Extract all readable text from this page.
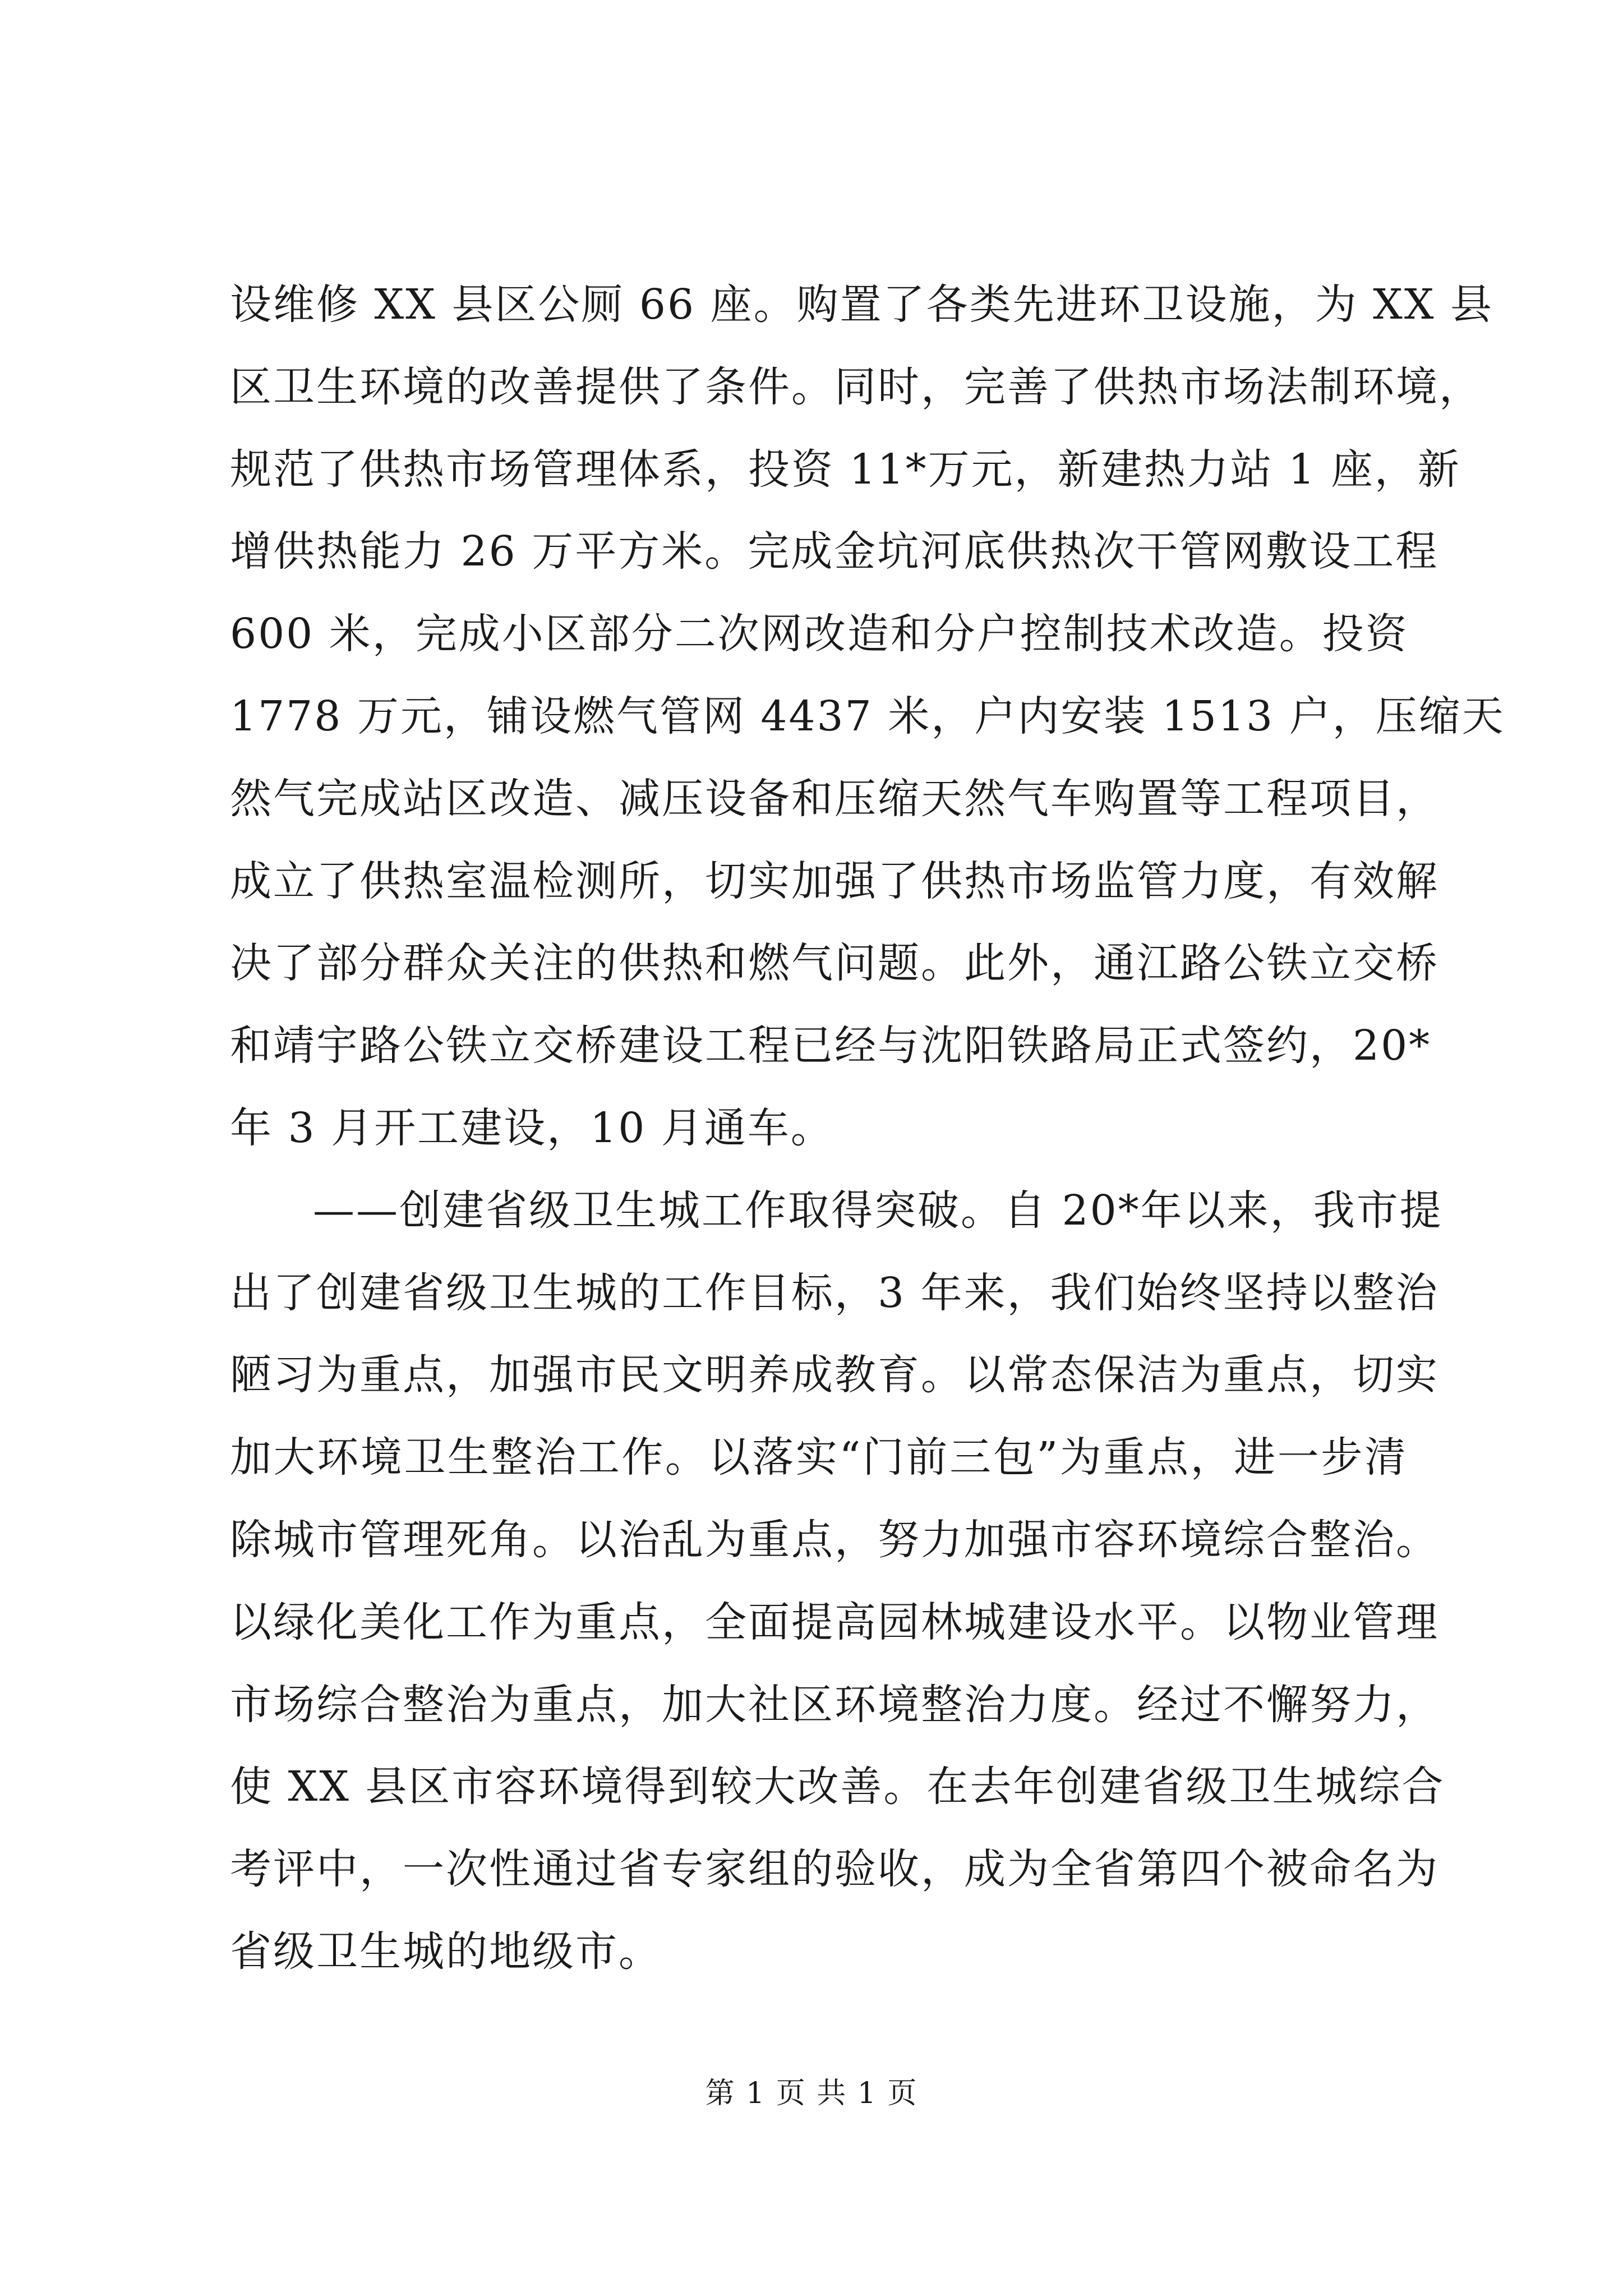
设维修 XX 县区公厕 66 座。购置了各类先进环卫设施，为 XX 县
区卫生环境的改善提供了条件。同时，完善了供热市场法制环境，
规范了供热市场管理体系，投资 11*万元，新建热力站 1 座，新
增供热能力 26 万平方米。完成金坑河底供热次干管网敷设工程
600 米，完成小区部分二次网改造和分户控制技术改造。投资
1778 万元，铺设燃气管网 4437 米，户内安装 1513 户，压缩天
然气完成站区改造、减压设备和压缩天然气车购置等工程项目，
成立了供热室温检测所，切实加强了供热市场监管力度，有效解
决了部分群众关注的供热和燃气问题。此外，通江路公铁立交桥
和靖宇路公铁立交桥建设工程已经与沈阳铁路局正式签约，20*
年 3 月开工建设，10 月通车。
——创建省级卫生城工作取得突破。自 20*年以来，我市提
出了创建省级卫生城的工作目标，3 年来，我们始终坚持以整治
陋习为重点，加强市民文明养成教育。以常态保洁为重点，切实
加大环境卫生整治工作。以落实“门前三包”为重点，进一步清
除城市管理死角。以治乱为重点，努力加强市容环境综合整治。
以绿化美化工作为重点，全面提高园林城建设水平。以物业管理
市场综合整治为重点，加大社区环境整治力度。经过不懈努力，
使 XX 县区市容环境得到较大改善。在去年创建省级卫生城综合
考评中，一次性通过省专家组的验收，成为全省第四个被命名为
省级卫生城的地级市。
第 1 页 共 1 页
